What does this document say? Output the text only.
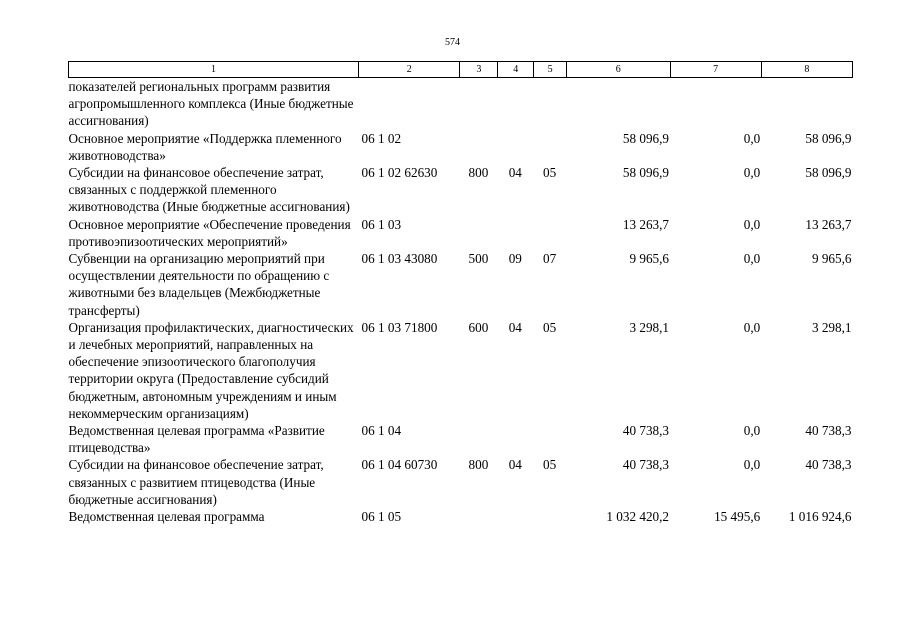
574
1	2	3	4	5	6	7	8
показателей региональных программ развития агропромышленного комплекса (Иные бюджетные ассигнования)							
Основное мероприятие «Поддержка племенного животноводства»	06 1 02				58 096,9	0,0	58 096,9
Субсидии на финансовое обеспечение затрат, связанных с поддержкой племенного животноводства (Иные бюджетные ассигнования)	06 1 02 62630	800	04	05	58 096,9	0,0	58 096,9
Основное мероприятие «Обеспечение проведения противоэпизоотических мероприятий»	06 1 03				13 263,7	0,0	13 263,7
Субвенции на организацию мероприятий при осуществлении деятельности по обращению с животными без владельцев (Межбюджетные трансферты)	06 1 03 43080	500	09	07	9 965,6	0,0	9 965,6
Организация профилактических, диагностических и лечебных мероприятий, направленных на обеспечение эпизоотического благополучия территории округа (Предоставление субсидий бюджетным, автономным учреждениям и иным некоммерческим организациям)	06 1 03 71800	600	04	05	3 298,1	0,0	3 298,1
Ведомственная целевая программа «Развитие птицеводства»	06 1 04				40 738,3	0,0	40 738,3
Субсидии на финансовое обеспечение затрат, связанных с развитием птицеводства (Иные бюджетные ассигнования)	06 1 04 60730	800	04	05	40 738,3	0,0	40 738,3
Ведомственная целевая программа	06 1 05				1 032 420,2	15 495,6	1 016 924,6
